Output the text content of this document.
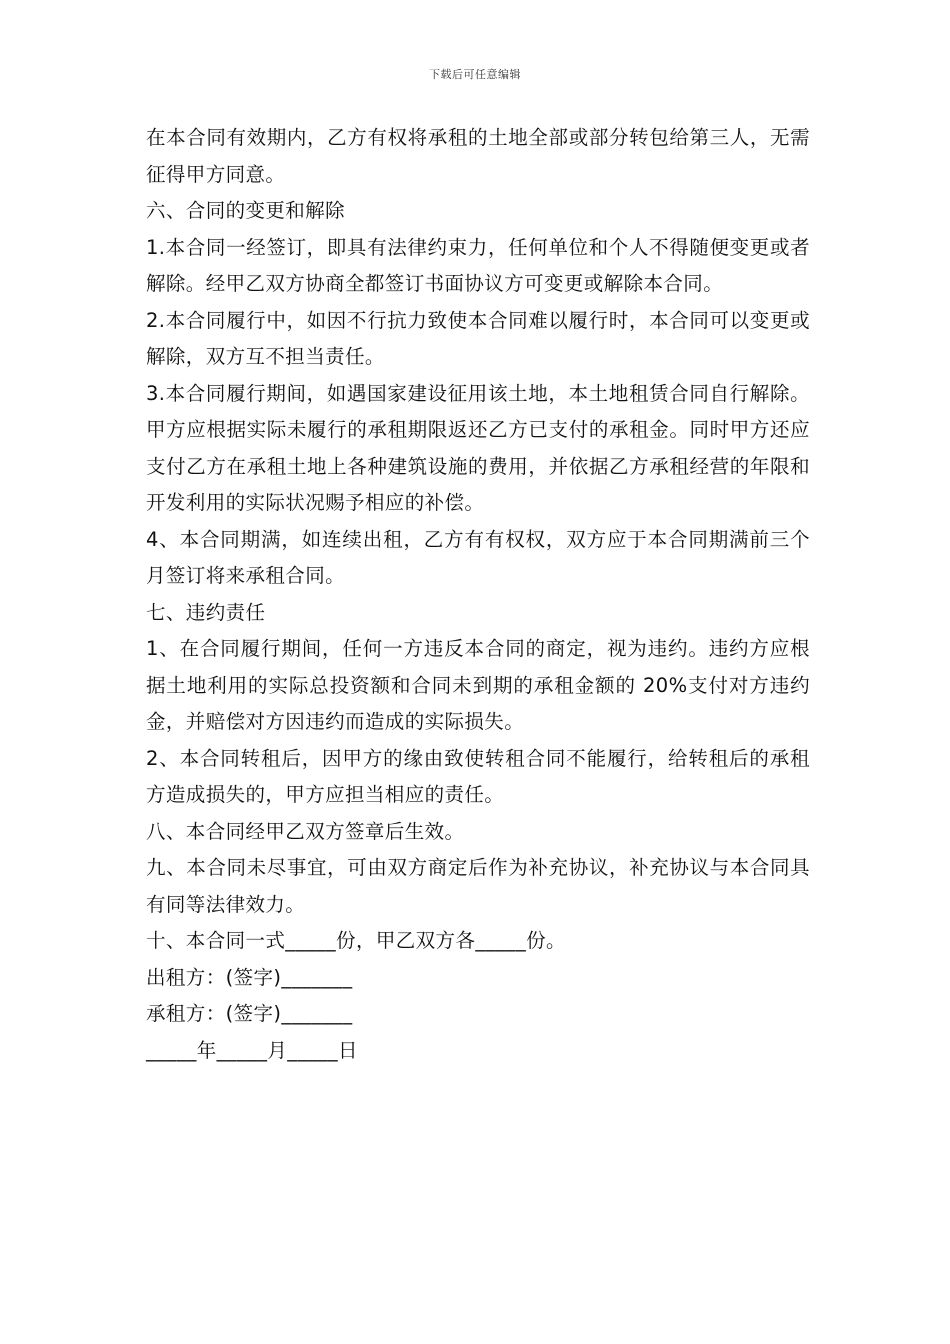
下载后可任意编辑

在本合同有效期内，乙方有权将承租的土地全部或部分转包给第三人，无需征得甲方同意。

六、合同的变更和解除

1.本合同一经签订，即具有法律约束力，任何单位和个人不得随便变更或者解除。经甲乙双方协商全都签订书面协议方可变更或解除本合同。

2.本合同履行中，如因不行抗力致使本合同难以履行时，本合同可以变更或解除，双方互不担当责任。

3.本合同履行期间，如遇国家建设征用该土地，本土地租赁合同自行解除。甲方应根据实际未履行的承租期限返还乙方已支付的承租金。同时甲方还应支付乙方在承租土地上各种建筑设施的费用，并依据乙方承租经营的年限和开发利用的实际状况赐予相应的补偿。

4、本合同期满，如连续出租，乙方有有权权，双方应于本合同期满前三个月签订将来承租合同。

七、违约责任

1、在合同履行期间，任何一方违反本合同的商定，视为违约。违约方应根据土地利用的实际总投资额和合同未到期的承租金额的 20%支付对方违约金，并赔偿对方因违约而造成的实际损失。

2、本合同转租后，因甲方的缘由致使转租合同不能履行，给转租后的承租方造成损失的，甲方应担当相应的责任。

八、本合同经甲乙双方签章后生效。

九、本合同未尽事宜，可由双方商定后作为补充协议，补充协议与本合同具有同等法律效力。

十、本合同一式_____份，甲乙双方各_____份。

出租方：(签字)_______

承租方：(签字)_______

_____年_____月_____日
